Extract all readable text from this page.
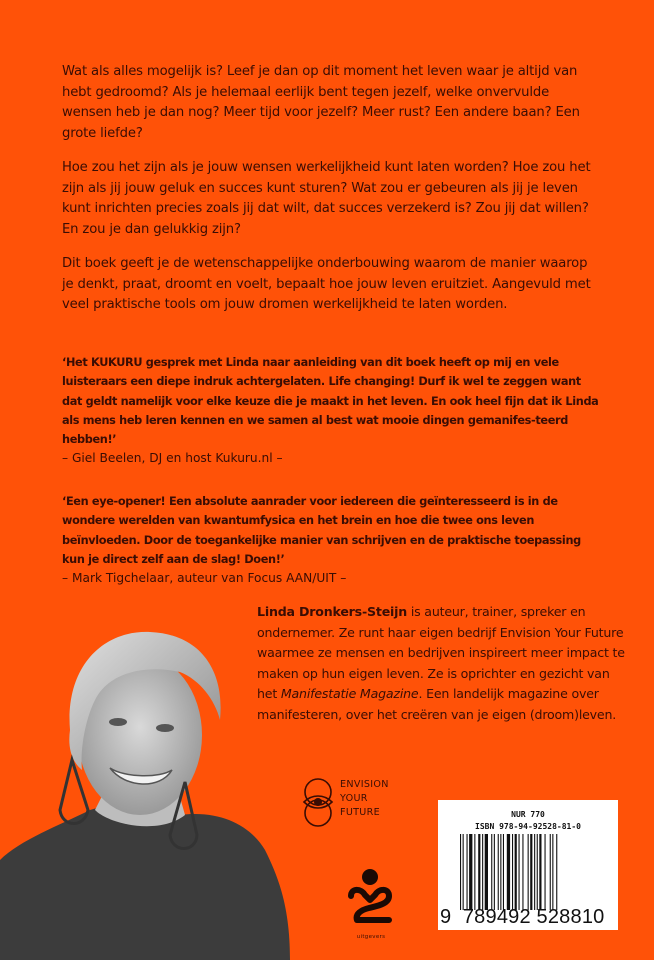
Wat als alles mogelijk is? Leef je dan op dit moment het leven waar je altijd van hebt gedroomd? Als je helemaal eerlijk bent tegen jezelf, welke onvervulde wensen heb je dan nog? Meer tijd voor jezelf? Meer rust? Een andere baan? Een grote liefde?

Hoe zou het zijn als je jouw wensen werkelijkheid kunt laten worden? Hoe zou het zijn als jij jouw geluk en succes kunt sturen? Wat zou er gebeuren als jij je leven kunt inrichten precies zoals jij dat wilt, dat succes verzekerd is? Zou jij dat willen? En zou je dan gelukkig zijn?

Dit boek geeft je de wetenschappelijke onderbouwing waarom de manier waarop je denkt, praat, droomt en voelt, bepaalt hoe jouw leven eruitziet. Aangevuld met veel praktische tools om jouw dromen werkelijkheid te laten worden.

‘Het KUKURU gesprek met Linda naar aanleiding van dit boek heeft op mij en vele luisteraars een diepe indruk achtergelaten. Life changing! Durf ik wel te zeggen want dat geldt namelijk voor elke keuze die je maakt in het leven. En ook heel fijn dat ik Linda als mens heb leren kennen en we samen al best wat mooie dingen gemanifes-teerd hebben!’
– Giel Beelen, DJ en host Kukuru.nl –

‘Een eye-opener! Een absolute aanrader voor iedereen die geïnteresseerd is in de wondere werelden van kwantumfysica en het brein en hoe die twee ons leven beïnvloeden. Door de toegankelijke manier van schrijven en de praktische toepassing kun je direct zelf aan de slag! Doen!’
– Mark Tigchelaar, auteur van Focus AAN/UIT –

Linda Dronkers-Steijn is auteur, trainer, spreker en ondernemer. Ze runt haar eigen bedrijf Envision Your Future waarmee ze mensen en bedrijven inspireert meer impact te maken op hun eigen leven. Ze is oprichter en gezicht van het Manifestatie Magazine. Een landelijk magazine over manifesteren, over het creëren van je eigen (droom)leven.

ENVISION
YOUR
FUTURE	NUR 770
ISBN 978-94-92528-81-0
9 789492 528810
uitgevers
